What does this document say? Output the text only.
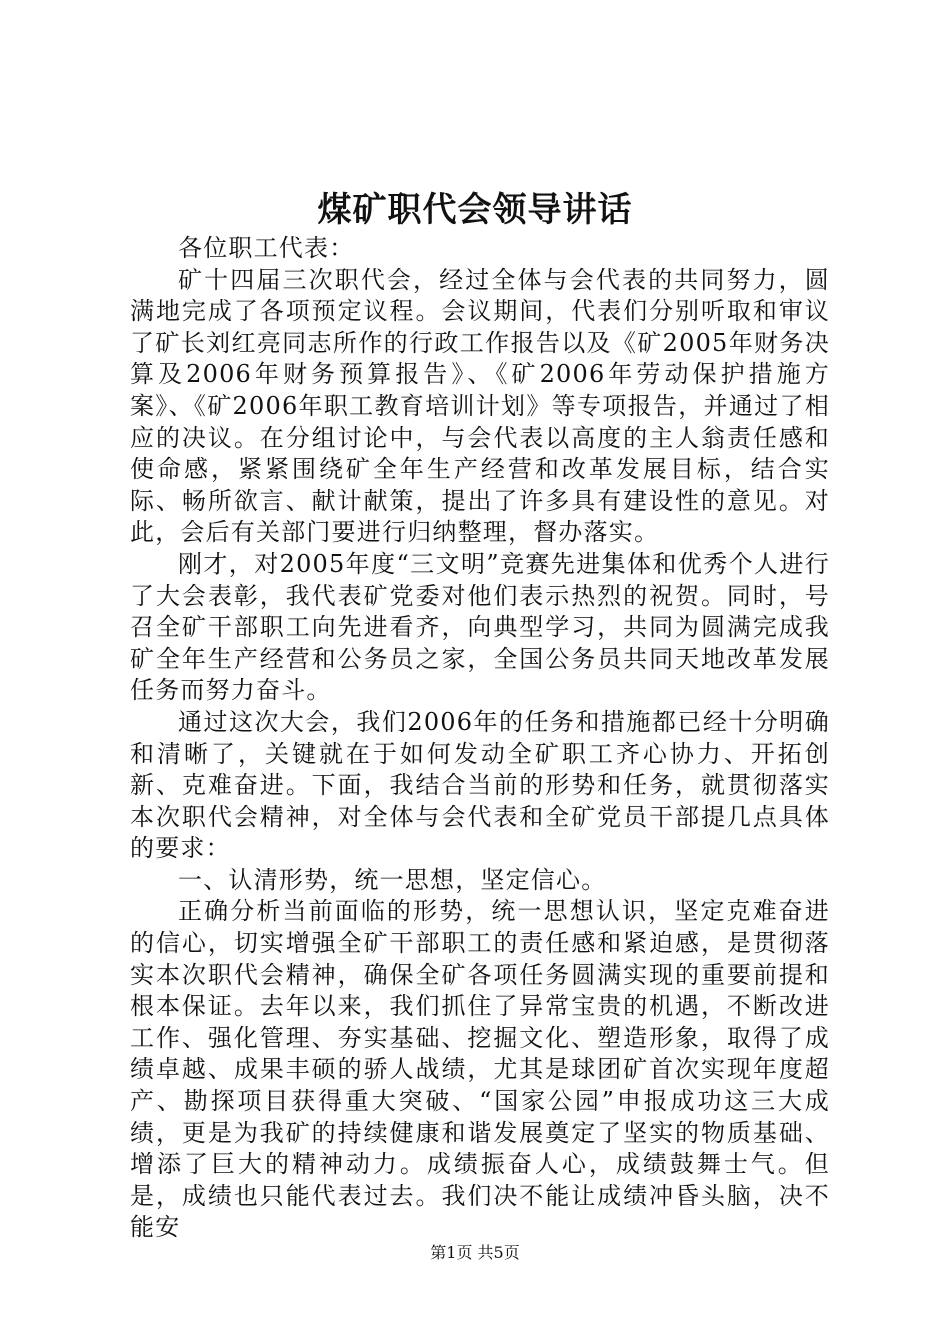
煤矿职代会领导讲话

各位职工代表：

矿十四届三次职代会，经过全体与会代表的共同努力，圆满地完成了各项预定议程。会议期间，代表们分别听取和审议了矿长刘红亮同志所作的行政工作报告以及《矿2005年财务决算及2006年财务预算报告》、《矿2006年劳动保护措施方案》、《矿2006年职工教育培训计划》等专项报告，并通过了相应的决议。在分组讨论中，与会代表以高度的主人翁责任感和使命感，紧紧围绕矿全年生产经营和改革发展目标，结合实际、畅所欲言、献计献策，提出了许多具有建设性的意见。对此，会后有关部门要进行归纳整理，督办落实。

刚才，对2005年度“三文明”竞赛先进集体和优秀个人进行了大会表彰，我代表矿党委对他们表示热烈的祝贺。同时，号召全矿干部职工向先进看齐，向典型学习，共同为圆满完成我矿全年生产经营和公务员之家，全国公务员共同天地改革发展任务而努力奋斗。

通过这次大会，我们2006年的任务和措施都已经十分明确和清晰了，关键就在于如何发动全矿职工齐心协力、开拓创新、克难奋进。下面，我结合当前的形势和任务，就贯彻落实本次职代会精神，对全体与会代表和全矿党员干部提几点具体的要求：

一、认清形势，统一思想，坚定信心。

正确分析当前面临的形势，统一思想认识，坚定克难奋进的信心，切实增强全矿干部职工的责任感和紧迫感，是贯彻落实本次职代会精神，确保全矿各项任务圆满实现的重要前提和根本保证。去年以来，我们抓住了异常宝贵的机遇，不断改进工作、强化管理、夯实基础、挖掘文化、塑造形象，取得了成绩卓越、成果丰硕的骄人战绩，尤其是球团矿首次实现年度超产、勘探项目获得重大突破、“国家公园”申报成功这三大成绩，更是为我矿的持续健康和谐发展奠定了坚实的物质基础、增添了巨大的精神动力。成绩振奋人心，成绩鼓舞士气。但是，成绩也只能代表过去。我们决不能让成绩冲昏头脑，决不能安

第1页 共5页
